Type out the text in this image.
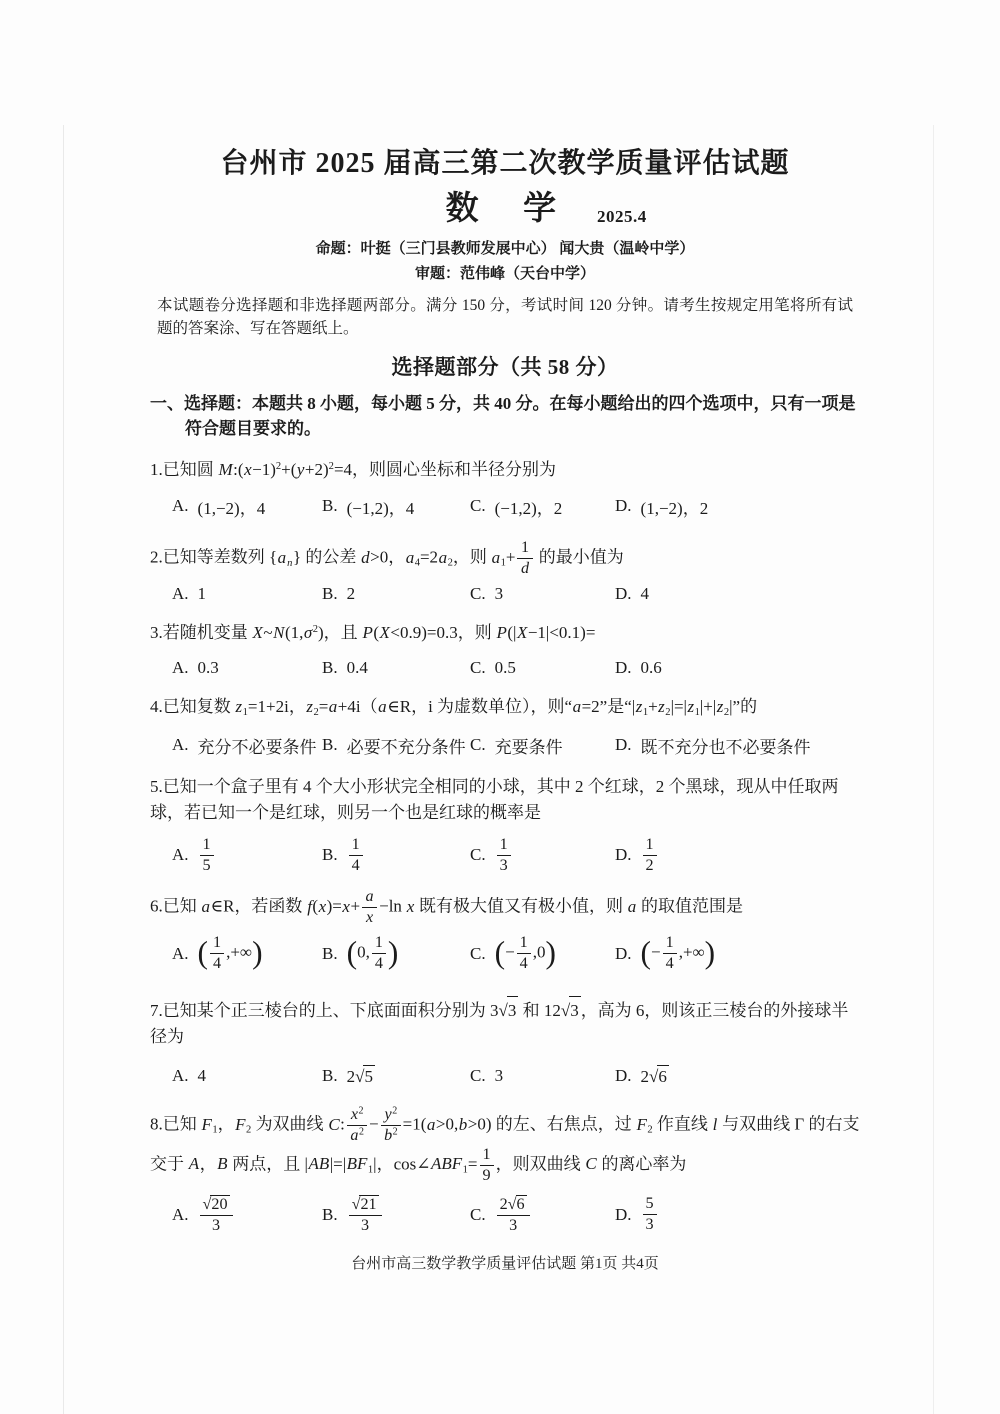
台州市 2025 届高三第二次教学质量评估试题
数学
2025.4
命题：叶挺（三门县教师发展中心） 闻大贵（温岭中学）
审题：范伟峰（天台中学）

本试题卷分选择题和非选择题两部分。满分 150 分，考试时间 120 分钟。请考生按规定用笔将所有试题的答案涂、写在答题纸上。

选择题部分（共 58 分）
一、选择题：本题共 8 小题，每小题 5 分，共 40 分。在每小题给出的四个选项中，只有一项是符合题目要求的。
1.已知圆 $M:(x-1)^2+(y+2)^2=4$，则圆心坐标和半径分别为
A. (1,−2)，4	B. (−1,2)，4	C. (−1,2)，2	D. (1,−2)，2
2.已知等差数列 $\{a_n\}$ 的公差 d>0，$a_4=2a_2$，则 $a_1+ \frac{1}{d}$ 的最小值为
A. 1	B. 2	C. 3	D. 4
3.若随机变量 $X\sim N(1,\sigma^2)$，且 P(X<0.9)=0.3，则 P(|X−1|<0.1)=
A. 0.3	B. 0.4	C. 0.5	D. 0.6
4.已知复数 $z_1=1+2i$，$z_2=a+4i(a\in R$，i 为虚数单位），则“a=2”是“$|z_1+z_2|=|z_1|+|z_2|$”的
A. 充分不必要条件 B. 必要不充分条件 C. 充要条件	D. 既不充分也不必要条件
5.已知一个盒子里有 4 个大小形状完全相同的小球，其中 2 个红球，2 个黑球，现从中任取两球，若已知一个是红球，则另一个也是红球的概率是
A. $\frac{1}{5}$	B. $\frac{1}{4}$	C. $\frac{1}{3}$	D. $\frac{1}{2}$
6.已知 a∈R，若函数 $f(x)=x+ \frac{a}{x} -\ln$ x 既有极大值又有极小值，则 a 的取值范围是
A. ( $\frac{1}{4}$ ,+∞)	B. (0, $\frac{1}{4}$ )	C. (− $\frac{1}{4} ,0$)	D. (− $\frac{1}{4}$ ,+∞)
7.已知某个正三棱台的上、下底面面积分别为 3√3 和 12√3 ，高为 6，则该正三棱台的外接球半径为
A. 4	B. 2√5	C. 3	D. 2√6
8.已知 $F_1$，$F_2$ 为双曲线 C: $\frac{x^2}{a^2} - \frac{y^2}{b^2} =1(a>0,b>0)$ 的左、右焦点，过 $F_2$ 作直线 l 与双曲线 Γ 的右支交于 A，B 两点，且 $|AB|=|BF_1|$，$\cos\angle ABF_1= \frac{1}{9}$ ，则双曲线 C 的离心率为
A. $\frac{√20}{3}$	B. $\frac{√21}{3}$	C. $\frac{2√6}{3}$	D. $\frac{5}{3}$
台州市高三数学教学质量评估试题 第1页 共4页
